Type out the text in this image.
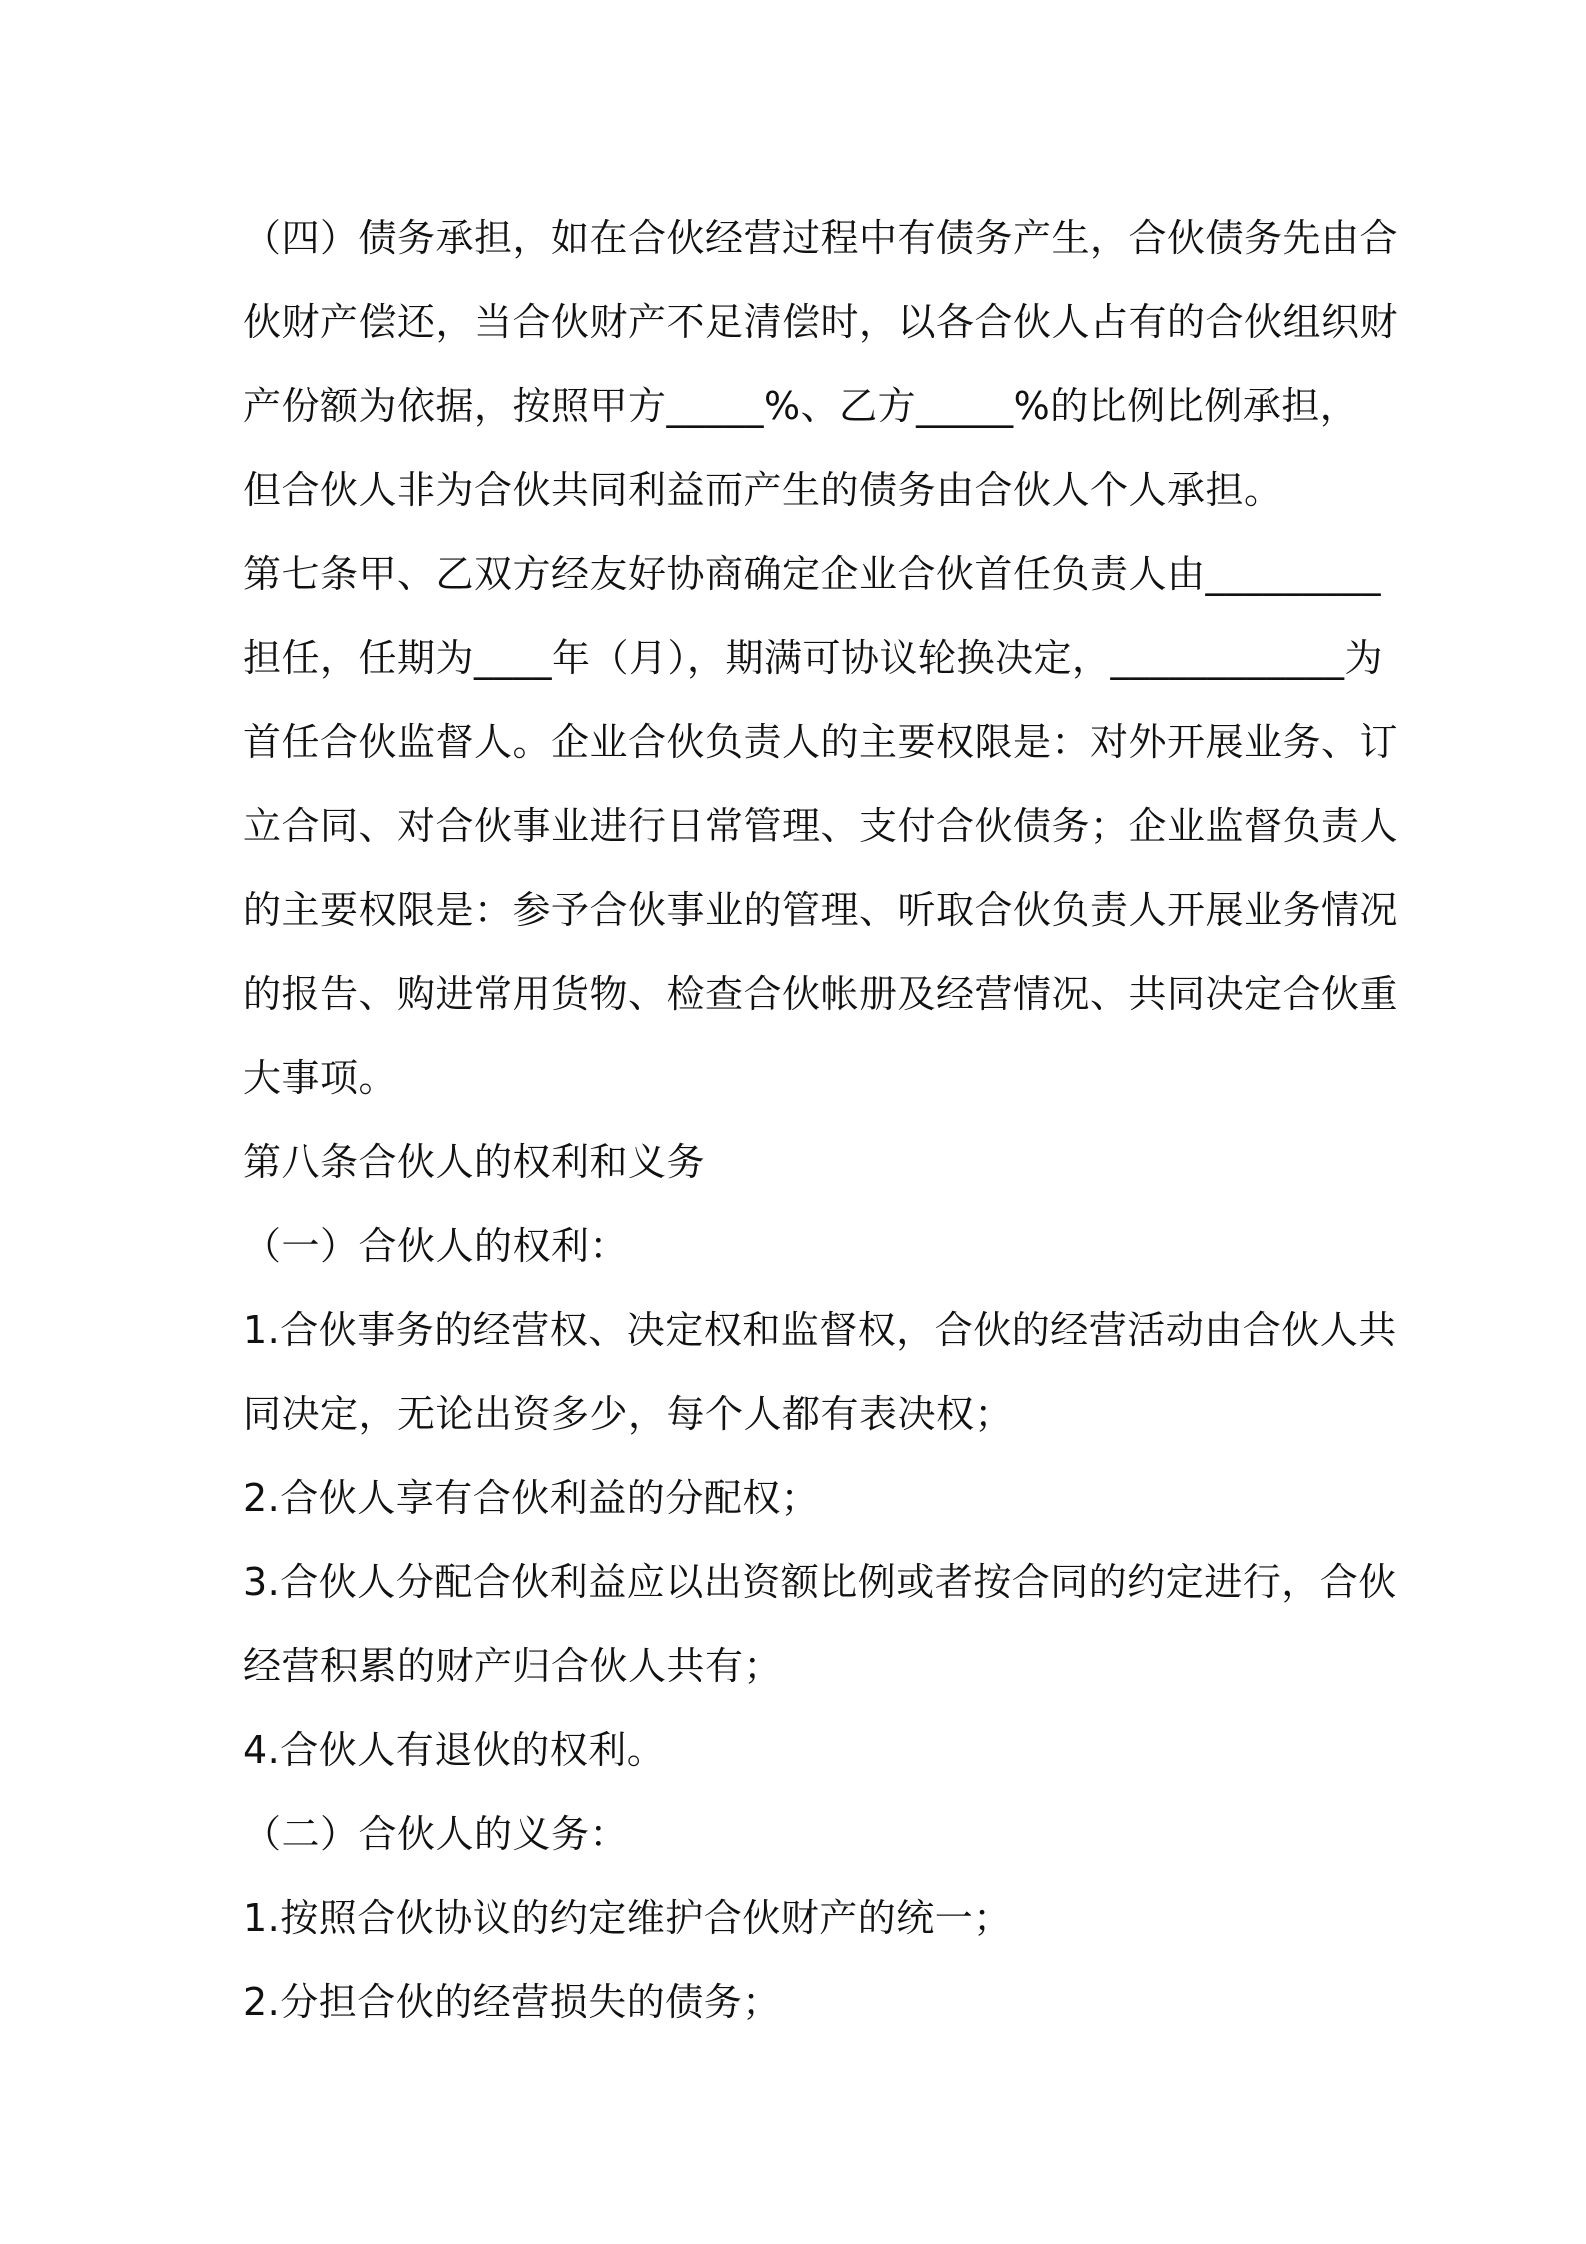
（四）债务承担，如在合伙经营过程中有债务产生，合伙债务先由合
伙财产偿还，当合伙财产不足清偿时，以各合伙人占有的合伙组织财
产份额为依据，按照甲方_____%、乙方_____%的比例比例承担，
但合伙人非为合伙共同利益而产生的债务由合伙人个人承担。
第七条甲、乙双方经友好协商确定企业合伙首任负责人由_________
担任，任期为____年（月），期满可协议轮换决定，____________为
首任合伙监督人。企业合伙负责人的主要权限是：对外开展业务、订
立合同、对合伙事业进行日常管理、支付合伙债务；企业监督负责人
的主要权限是：参予合伙事业的管理、听取合伙负责人开展业务情况
的报告、购进常用货物、检查合伙帐册及经营情况、共同决定合伙重
大事项。
第八条合伙人的权利和义务
（一）合伙人的权利：
1.合伙事务的经营权、决定权和监督权，合伙的经营活动由合伙人共
同决定，无论出资多少，每个人都有表决权；
2.合伙人享有合伙利益的分配权；
3.合伙人分配合伙利益应以出资额比例或者按合同的约定进行，合伙
经营积累的财产归合伙人共有；
4.合伙人有退伙的权利。
（二）合伙人的义务：
1.按照合伙协议的约定维护合伙财产的统一；
2.分担合伙的经营损失的债务；
